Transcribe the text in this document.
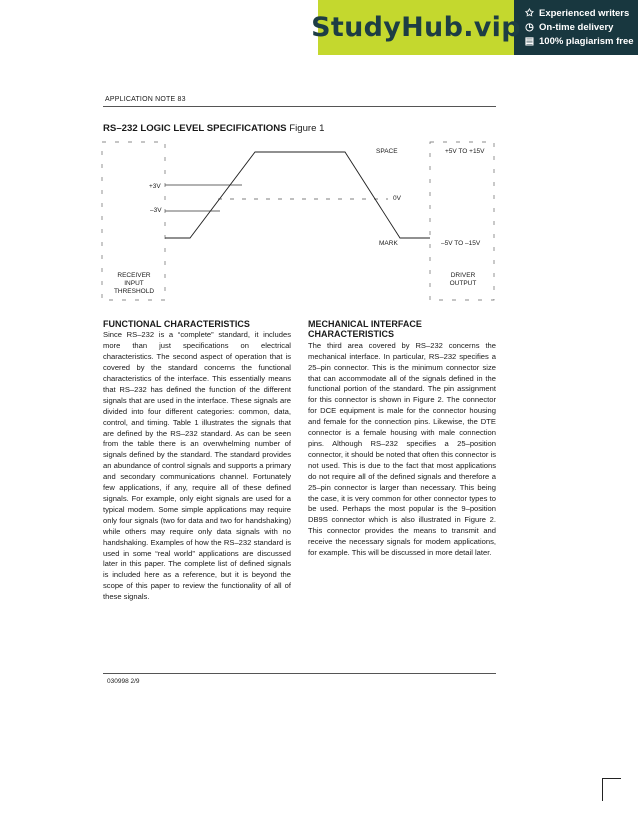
StudyHub.vip ✩ Experienced writers
◷ On-time delivery
▤ 100% plagiarism free
APPLICATION NOTE 83
RS–232 LOGIC LEVEL SPECIFICATIONS Figure 1
SPACE	+5V TO +15V
+3V
0V
–3V
MARK	–5V TO –15V
RECEIVER
INPUT
THRESHOLD
DRIVER
OUTPUT
FUNCTIONAL CHARACTERISTICS

Since RS–232 is a “complete” standard, it includes more than just specifications on electrical characteristics. The second aspect of operation that is covered by the standard concerns the functional characteristics of the interface. This essentially means that RS–232 has defined the function of the different signals that are used in the interface. These signals are divided into four different categories: common, data, control, and timing. Table 1 illustrates the signals that are defined by the RS–232 standard. As can be seen from the table there is an overwhelming number of signals defined by the standard. The standard provides an abundance of control signals and supports a primary and secondary communications channel. Fortunately few applications, if any, require all of these defined signals. For example, only eight signals are used for a typical modem. Some simple applications may require only four signals (two for data and two for handshaking) while others may require only data signals with no handshaking. Examples of how the RS–232 standard is used in some “real world” applications are discussed later in this paper. The complete list of defined signals is included here as a reference, but it is beyond the scope of this paper to review the functionality of all of these signals.

MECHANICAL INTERFACE
CHARACTERISTICS

The third area covered by RS–232 concerns the mechanical interface. In particular, RS–232 specifies a 25–pin connector. This is the minimum connector size that can accommodate all of the signals defined in the functional portion of the standard. The pin assignment for this connector is shown in Figure 2. The connector for DCE equipment is male for the connector housing and female for the connection pins. Likewise, the DTE connector is a female housing with male connection pins. Although RS–232 specifies a 25–position connector, it should be noted that often this connector is not used. This is due to the fact that most applications do not require all of the defined signals and therefore a 25–pin connector is larger than necessary. This being the case, it is very common for other connector types to be used. Perhaps the most popular is the 9–position DB9S connector which is also illustrated in Figure 2. This connector provides the means to transmit and receive the necessary signals for modem applications, for example. This will be discussed in more detail later.

030998 2/9
